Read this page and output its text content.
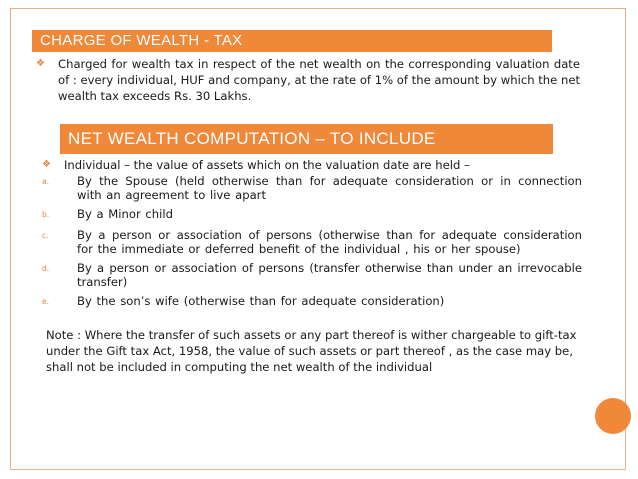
CHARGE OF WEALTH - TAX
❖	Charged for wealth tax in respect of the net wealth on the corresponding valuation date of : every individual, HUF and company, at the rate of 1% of the amount by which the net wealth tax exceeds Rs. 30 Lakhs.
NET WEALTH COMPUTATION – TO INCLUDE
❖	Individual – the value of assets which on the valuation date are held –
a.	By the Spouse (held otherwise than for adequate consideration or in connection with an agreement to live apart
b.	By a Minor child
c.	By a person or association of persons (otherwise than for adequate consideration for the immediate or deferred benefit of the individual , his or her spouse)
d.	By a person or association of persons (transfer otherwise than under an irrevocable transfer)
e.	By the son’s wife (otherwise than for adequate consideration)
Note : Where the transfer of such assets or any part thereof is wither chargeable to gift-tax under the Gift tax Act, 1958, the value of such assets or part thereof , as the case may be, shall not be included in computing the net wealth of the individual
